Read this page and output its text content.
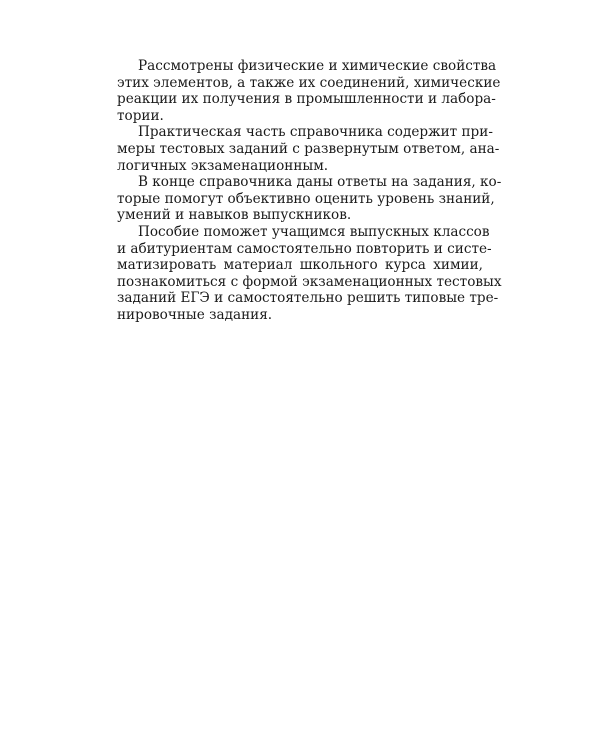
Рассмотрены физические и химические свойства
этих элементов, а также их соединений, химические
реакции их получения в промышленности и лабора-
тории.

Практическая часть справочника содержит при-
меры тестовых заданий с развернутым ответом, ана-
логичных экзаменационным.

В конце справочника даны ответы на задания, ко-
торые помогут объективно оценить уровень знаний,
умений и навыков выпускников.

Пособие поможет учащимся выпускных классов
и абитуриентам самостоятельно повторить и систе-
матизировать материал школьного курса химии,
познакомиться с формой экзаменационных тестовых
заданий ЕГЭ и самостоятельно решить типовые тре-
нировочные задания.
